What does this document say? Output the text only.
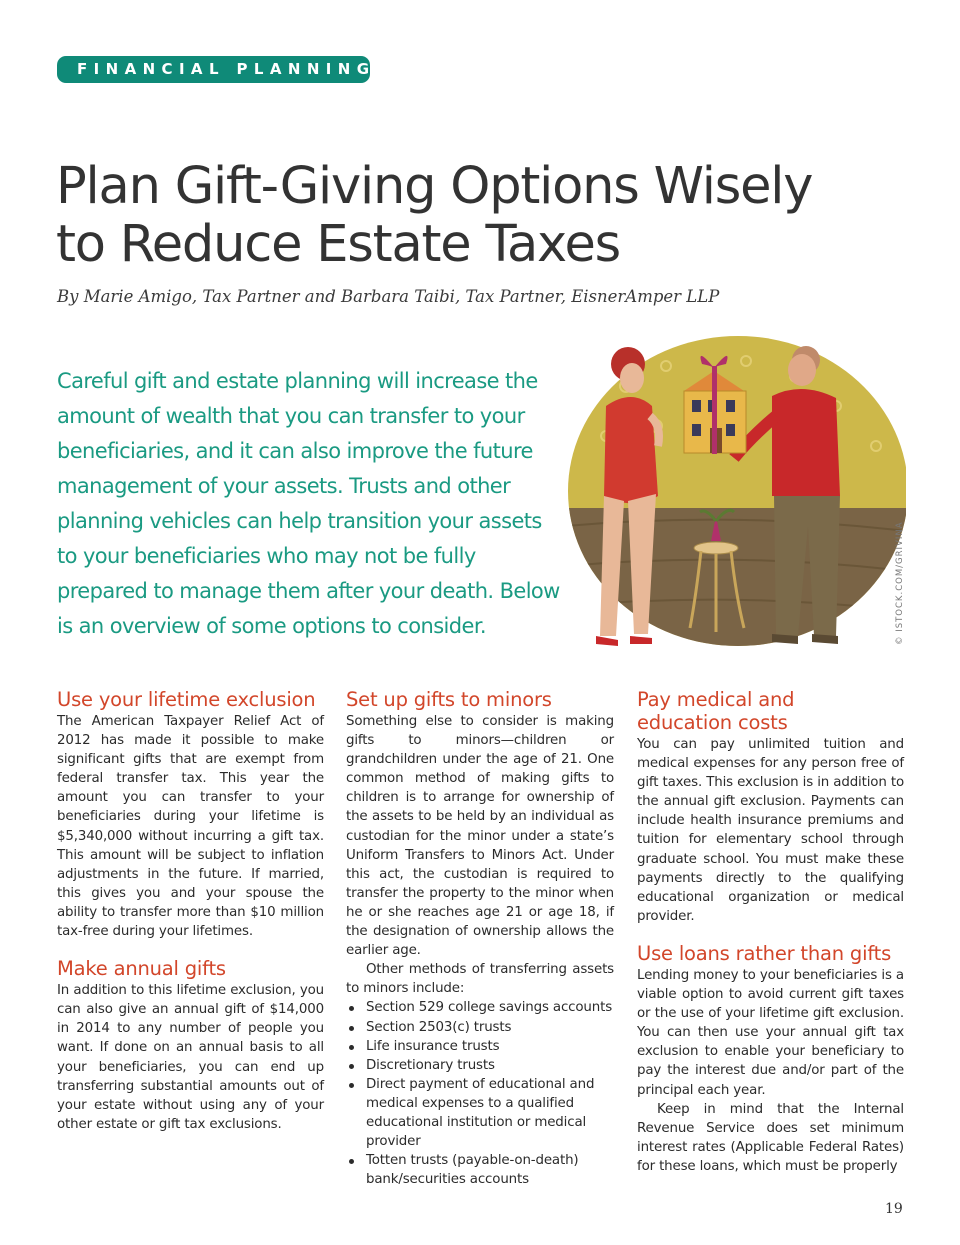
FINANCIAL PLANNING
Plan Gift-Giving Options Wisely
to Reduce Estate Taxes
By Marie Amigo, Tax Partner and Barbara Taibi, Tax Partner, EisnerAmper LLP

Careful gift and estate planning will increase the amount of wealth that you can transfer to your beneficiaries, and it can also improve the future management of your assets. Trusts and other planning vehicles can help transition your assets to your beneficiaries who may not be fully prepared to manage them after your death. Below is an overview of some options to consider.	© ISTOCK.COM/GRIVINA
Use your lifetime exclusion

The American Taxpayer Relief Act of 2012 has made it possible to make significant gifts that are exempt from federal transfer tax. This year the amount you can transfer to your beneficiaries during your lifetime is $5,340,000 without incurring a gift tax. This amount will be subject to inflation adjustments in the future. If married, this gives you and your spouse the ability to transfer more than $10 million tax-free during your lifetimes.

Make annual gifts

In addition to this lifetime exclusion, you can also give an annual gift of $14,000 in 2014 to any number of people you want. If done on an annual basis to all your beneficiaries, you can end up transferring substantial amounts out of your estate without using any of your other estate or gift tax exclusions.

Set up gifts to minors

Something else to consider is making gifts to minors—children or grandchildren under the age of 21. One common method of making gifts to children is to arrange for ownership of the assets to be held by an individual as custodian for the minor under a state’s Uniform Transfers to Minors Act. Under this act, the custodian is required to transfer the property to the minor when he or she reaches age 21 or age 18, if the designation of ownership allows the earlier age.

Other methods of transferring assets to minors include:

Section 529 college savings accounts
Section 2503(c) trusts
Life insurance trusts
Discretionary trusts
Direct payment of educational and medical expenses to a qualified educational institution or medical provider
Totten trusts (payable-on-death) bank/securities accounts
Pay medical and
education costs

You can pay unlimited tuition and medical expenses for any person free of gift taxes. This exclusion is in addition to the annual gift exclusion. Payments can include health insurance premiums and tuition for elementary school through graduate school. You must make these payments directly to the qualifying educational organization or medical provider.

Use loans rather than gifts

Lending money to your beneficiaries is a viable option to avoid current gift taxes or the use of your lifetime gift exclusion. You can then use your annual gift tax exclusion to enable your beneficiary to pay the interest due and/or part of the principal each year.

Keep in mind that the Internal Revenue Service does set minimum interest rates (Applicable Federal Rates) for these loans, which must be properly

19
